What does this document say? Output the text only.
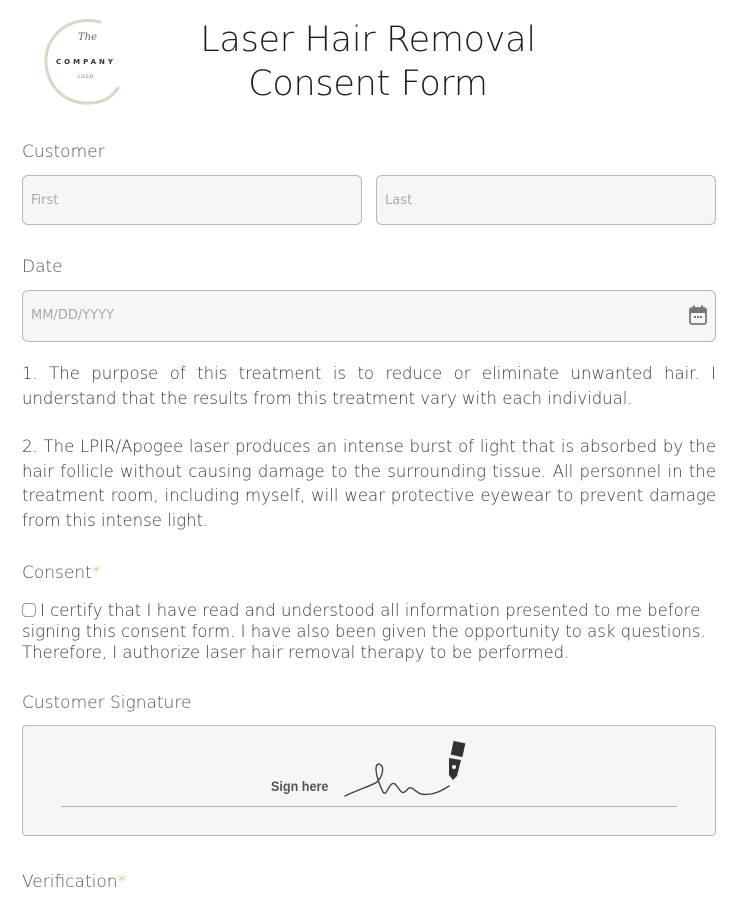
The
COMPANY
LOGO
Laser Hair Removal
Consent Form
Customer
First	Last
Date
MM/DD/YYYY
1. The purpose of this treatment is to reduce or eliminate unwanted hair. I understand that the results from this treatment vary with each individual.
2. The LPIR/Apogee laser produces an intense burst of light that is absorbed by the hair follicle without causing damage to the surrounding tissue. All personnel in the treatment room, including myself, will wear protective eyewear to prevent damage from this intense light.
Consent*
I certify that I have read and understood all information presented to me before signing this consent form. I have also been given the opportunity to ask questions. Therefore, I authorize laser hair removal therapy to be performed.
Customer Signature
Sign here
Verification*
